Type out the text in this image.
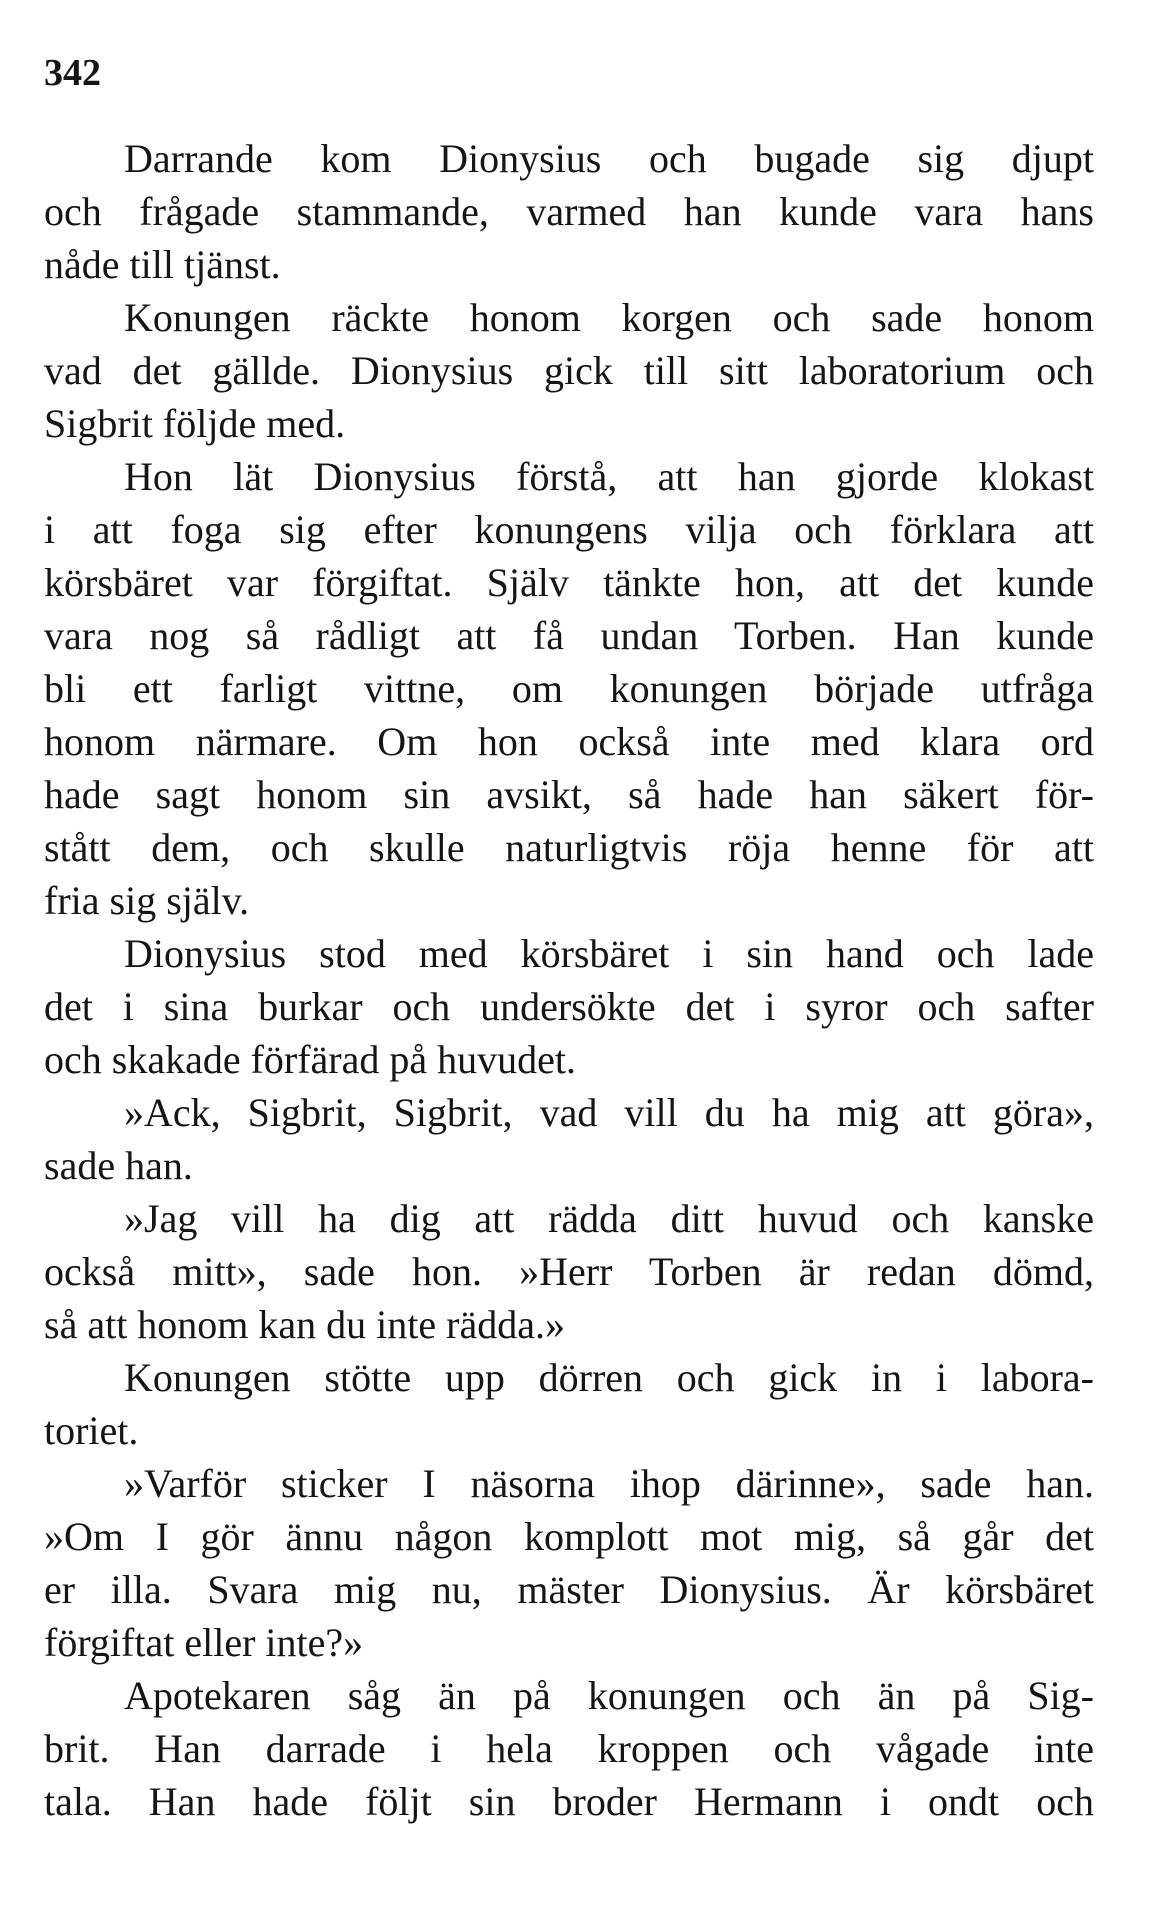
342
Darrande kom Dionysius och bugade sig djupt
och frågade stammande, varmed han kunde vara hans
nåde till tjänst.
Konungen räckte honom korgen och sade honom
vad det gällde. Dionysius gick till sitt laboratorium och
Sigbrit följde med.
Hon lät Dionysius förstå, att han gjorde klokast
i att foga sig efter konungens vilja och förklara att
körsbäret var förgiftat. Själv tänkte hon, att det kunde
vara nog så rådligt att få undan Torben. Han kunde
bli ett farligt vittne, om konungen började utfråga
honom närmare. Om hon också inte med klara ord
hade sagt honom sin avsikt, så hade han säkert för-
stått dem, och skulle naturligtvis röja henne för att
fria sig själv.
Dionysius stod med körsbäret i sin hand och lade
det i sina burkar och undersökte det i syror och safter
och skakade förfärad på huvudet.
»Ack, Sigbrit, Sigbrit, vad vill du ha mig att göra»,
sade han.
»Jag vill ha dig att rädda ditt huvud och kanske
också mitt», sade hon. »Herr Torben är redan dömd,
så att honom kan du inte rädda.»
Konungen stötte upp dörren och gick in i labora-
toriet.
»Varför sticker I näsorna ihop därinne», sade han.
»Om I gör ännu någon komplott mot mig, så går det
er illa. Svara mig nu, mäster Dionysius. Är körsbäret
förgiftat eller inte?»
Apotekaren såg än på konungen och än på Sig-
brit. Han darrade i hela kroppen och vågade inte
tala. Han hade följt sin broder Hermann i ondt och
